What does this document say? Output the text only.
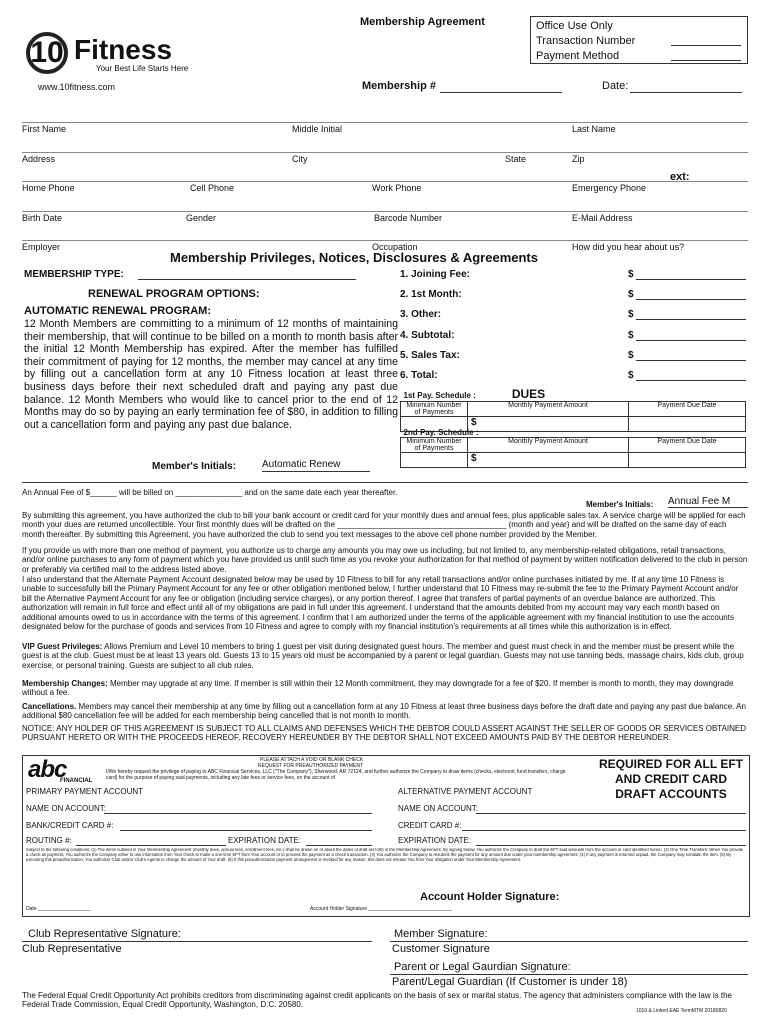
Membership Agreement
10 Fitness
Your Best Life Starts Here
www.10fitness.com
Office Use Only
Transaction Number
Payment Method
Membership #	Date:
First Name	Middle Initial	Last Name
Address	City	State	Zip
ext:
Home Phone	Cell Phone	Work Phone	Emergency Phone
Birth Date	Gender	Barcode Number	E-Mail Address
Employer	Occupation	How did you hear about us?
Membership Privileges, Notices, Disclosures & Agreements
MEMBERSHIP TYPE:
RENEWAL PROGRAM OPTIONS:
AUTOMATIC RENEWAL PROGRAM:
12 Month Members are committing to a minimum of 12 months of maintaining their membership, that will continue to be billed on a month to month basis after the initial 12 Month Membership has expired. After the member has fulfilled their commitment of paying for 12 months, the member may cancel at any time by filling out a cancellation form at any 10 Fitness location at least three business days before their next scheduled draft and paying any past due balance. 12 Month Members who would like to cancel prior to the end of 12 Months may do so by paying an early termination fee of $80, in addition to filling out a cancellation form and paying any past due balance.
Member's Initials:	Automatic Renew
1. Joining Fee:	$
2. 1st Month:	$
3. Other:	$
4. Subtotal:	$
5. Sales Tax:	$
6. Total:	$
1st Pay. Schedule : DUES		
Minimum Number of Payments	Monthly Payment Amount	Payment Due Date
	$	
2nd Pay. Schedule :		
Minimum Number of Payments	Monthly Payment Amount	Payment Due Date
	$	
An Annual Fee of $______ will be billed on _______________ and on the same date each year thereafter.
Member's Initials: Annual Fee M
By submitting this agreement, you have authorized the club to bill your bank account or credit card for your monthly dues and annual fees, plus applicable sales tax. A service charge will be applied for each month your dues are returned uncollectible. Your first monthly dues will be drafted on the ______________________________________ (month and year) and will be drafted on the same day of each month thereafter. By submitting this Agreement, you have authorized the club to send you text messages to the above cell phone number provided by the Member.
If you provide us with more than one method of payment, you authorize us to charge any amounts you may owe us including, but not limited to, any membership-related obligations, retail transactions, and/or online purchases to any form of payment which you have provided us until such time as you revoke your authorization for that method of payment by written notification delivered to the club in person or preferably via certified mail to the address listed above.
I also understand that the Alternate Payment Account designated below may be used by 10 Fitness to bill for any retail transactions and/or online purchases initiated by me. If at any time 10 Fitness is unable to successfully bill the Primary Payment Account for any fee or other obligation mentioned below, I further understand that 10 Fitness may re-submit the fee to the Primary Payment Account and/or bill the Alternative Payment Account for any fee or obligation (including service charges), or any portion thereof. I agree that transfers of partial payments of an overdue balance are authorized. This authorization will remain in full force and effect until all of my obligations are paid in full under this agreement. I understand that the amounts debited from my account may vary each month based on additional amounts owed to us in accordance with the terms of this agreement. I confirm that I am authorized under the terms of the applicable agreement with my financial institution to use the accounts designated below for the purchase of goods and services from 10 Fitness and agree to comply with my financial institution's requirements at all times while this authorization is in effect.
VIP Guest Privileges: Allows Premium and Level 10 members to bring 1 guest per visit during designated guest hours. The member and guest must check in and the member must be present while the guest is at the club. Guest must be at least 13 years old. Guests 13 to 15 years old must be accompanied by a parent or legal guardian. Guests may not use tanning beds, massage chairs, kids club, group exercise, or personal training. Guests are subject to all club rules.
Membership Changes: Member may upgrade at any time. If member is still within their 12 Month commitment, they may downgrade for a fee of $20. If member is month to month, they may downgrade without a fee.
Cancellations. Members may cancel their membership at any time by filling out a cancellation form at any 10 Fitness at least three business days before the draft date and paying any past due balance. An additional $80 cancellation fee will be added for each membership being cancelled that is not month to month.
NOTICE: ANY HOLDER OF THIS AGREEMENT IS SUBJECT TO ALL CLAIMS AND DEFENSES WHICH THE DEBTOR COULD ASSERT AGAINST THE SELLER OF GOODS OR SERVICES OBTAINED PURSUANT HERETO OR WITH THE PROCEEDS HEREOF, RECOVERY HEREUNDER BY THE DEBTOR SHALL NOT EXCEED AMOUNTS PAID BY THE DEBTOR HEREUNDER.
abc
FINANCIAL
PLEASE ATTACH A VOID OR BLANK CHECK
REQUEST FOR PREAUTHORIZED PAYMENT
I/We hereby request the privilege of paying to ABC Financial Services, LLC ("The Company"), Sherwood, AR 72124, and further authorize the Company to draw items (checks, electronic fund transfers, charge card) for the purpose of paying said payments, including any late fees or service fees, on the account of
REQUIRED FOR ALL EFT AND CREDIT CARD DRAFT ACCOUNTS
PRIMARY PAYMENT ACCOUNT	ALTERNATIVE PAYMENT ACCOUNT
NAME ON ACCOUNT:	NAME ON ACCOUNT:
BANK/CREDIT CARD #:	CREDIT CARD #:
ROUTING #:	EXPIRATION DATE:	EXPIRATION DATE:
Subject to the following conditions: (1) The items outlined in Your Membership Agreement (monthly dues, annual fees, enrollment fees, etc.) shall be drawn on or about the dates of draft set forth in the Membership Agreement. By signing below, You authorize the Company to draft the EFT said amounts from the account or card identified herein. (2) One Time Transfers: When You provide a check as payment, You authorize the Company either to use information from Your check to make a one-time EFT from Your account or to process the payment as a check transaction. (3) You authorize the Company to resubmit the payment for any amount due under your membership agreement. (4) If any payment is returned unpaid, the Company may reinitiate the item. (5) By executing this preauthorization, You authorize Club and/or Club's Agents to change the amount of Your draft. (6) If this preauthorization payment arrangement is revoked for any reason, this does not release You from Your obligation under Your Membership Agreement.
Account Holder Signature:
Date ___________________	Account Holder Signature ______________________________
Club Representative Signature:
Club Representative
Member Signature:
Customer Signature
Parent or Legal Gaurdian Signature:
Parent/Legal Guardian (If Customer is under 18)
The Federal Equal Credit Opportunity Act prohibits creditors from discriminating against credit applicants on the basis of sex or marital status. The agency that administers compliance with the law is the Federal Trade Commission, Equal Credit Opportunity, Washington, D.C. 20580.
1010 & Linked EAE TermMTM 20180820
